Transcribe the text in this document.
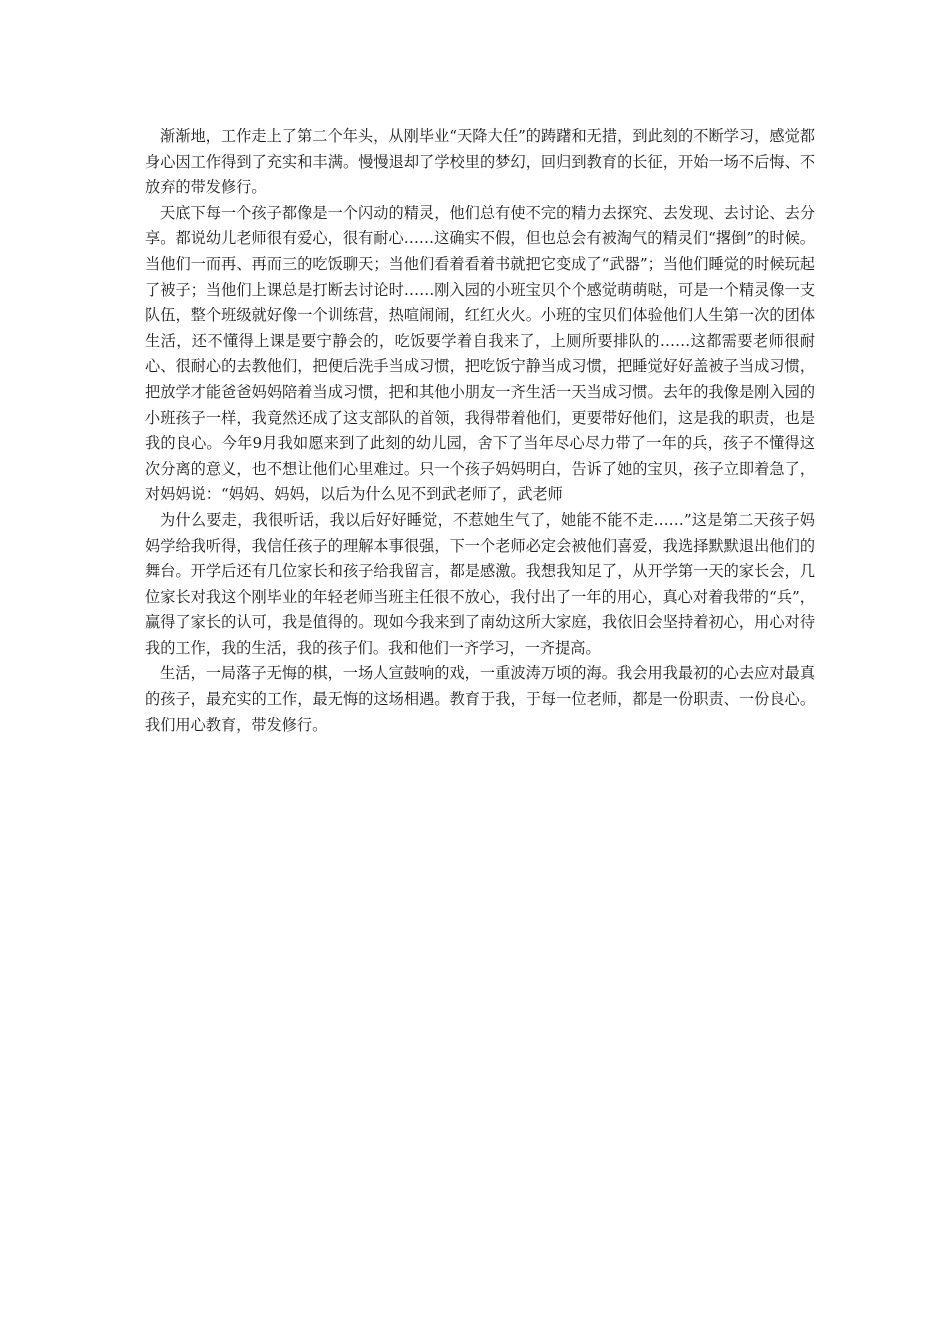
渐渐地，工作走上了第二个年头，从刚毕业“天降大任”的踌躇和无措，到此刻的不断学习，感觉都身心因工作得到了充实和丰满。慢慢退却了学校里的梦幻，回归到教育的长征，开始一场不后悔、不放弃的带发修行。

天底下每一个孩子都像是一个闪动的精灵，他们总有使不完的精力去探究、去发现、去讨论、去分享。都说幼儿老师很有爱心，很有耐心……这确实不假，但也总会有被淘气的精灵们“撂倒”的时候。当他们一而再、再而三的吃饭聊天；当他们看着看着书就把它变成了“武器”；当他们睡觉的时候玩起了被子；当他们上课总是打断去讨论时……刚入园的小班宝贝个个感觉萌萌哒，可是一个精灵像一支队伍，整个班级就好像一个训练营，热喧闹闹，红红火火。小班的宝贝们体验他们人生第一次的团体生活，还不懂得上课是要宁静会的，吃饭要学着自我来了，上厕所要排队的……这都需要老师很耐心、很耐心的去教他们，把便后洗手当成习惯，把吃饭宁静当成习惯，把睡觉好好盖被子当成习惯，把放学才能爸爸妈妈陪着当成习惯，把和其他小朋友一齐生活一天当成习惯。去年的我像是刚入园的小班孩子一样，我竟然还成了这支部队的首领，我得带着他们，更要带好他们，这是我的职责，也是我的良心。今年9月我如愿来到了此刻的幼儿园，舍下了当年尽心尽力带了一年的兵，孩子不懂得这次分离的意义，也不想让他们心里难过。只一个孩子妈妈明白，告诉了她的宝贝，孩子立即着急了，对妈妈说：“妈妈、妈妈，以后为什么见不到武老师了，武老师

为什么要走，我很听话，我以后好好睡觉，不惹她生气了，她能不能不走……”这是第二天孩子妈妈学给我听得，我信任孩子的理解本事很强，下一个老师必定会被他们喜爱，我选择默默退出他们的舞台。开学后还有几位家长和孩子给我留言，都是感激。我想我知足了，从开学第一天的家长会，几位家长对我这个刚毕业的年轻老师当班主任很不放心，我付出了一年的用心，真心对着我带的“兵”，赢得了家长的认可，我是值得的。现如今我来到了南幼这所大家庭，我依旧会坚持着初心，用心对待我的工作，我的生活，我的孩子们。我和他们一齐学习，一齐提高。

生活，一局落子无悔的棋，一场人宣鼓响的戏，一重波涛万顷的海。我会用我最初的心去应对最真的孩子，最充实的工作，最无悔的这场相遇。教育于我，于每一位老师，都是一份职责、一份良心。我们用心教育，带发修行。
